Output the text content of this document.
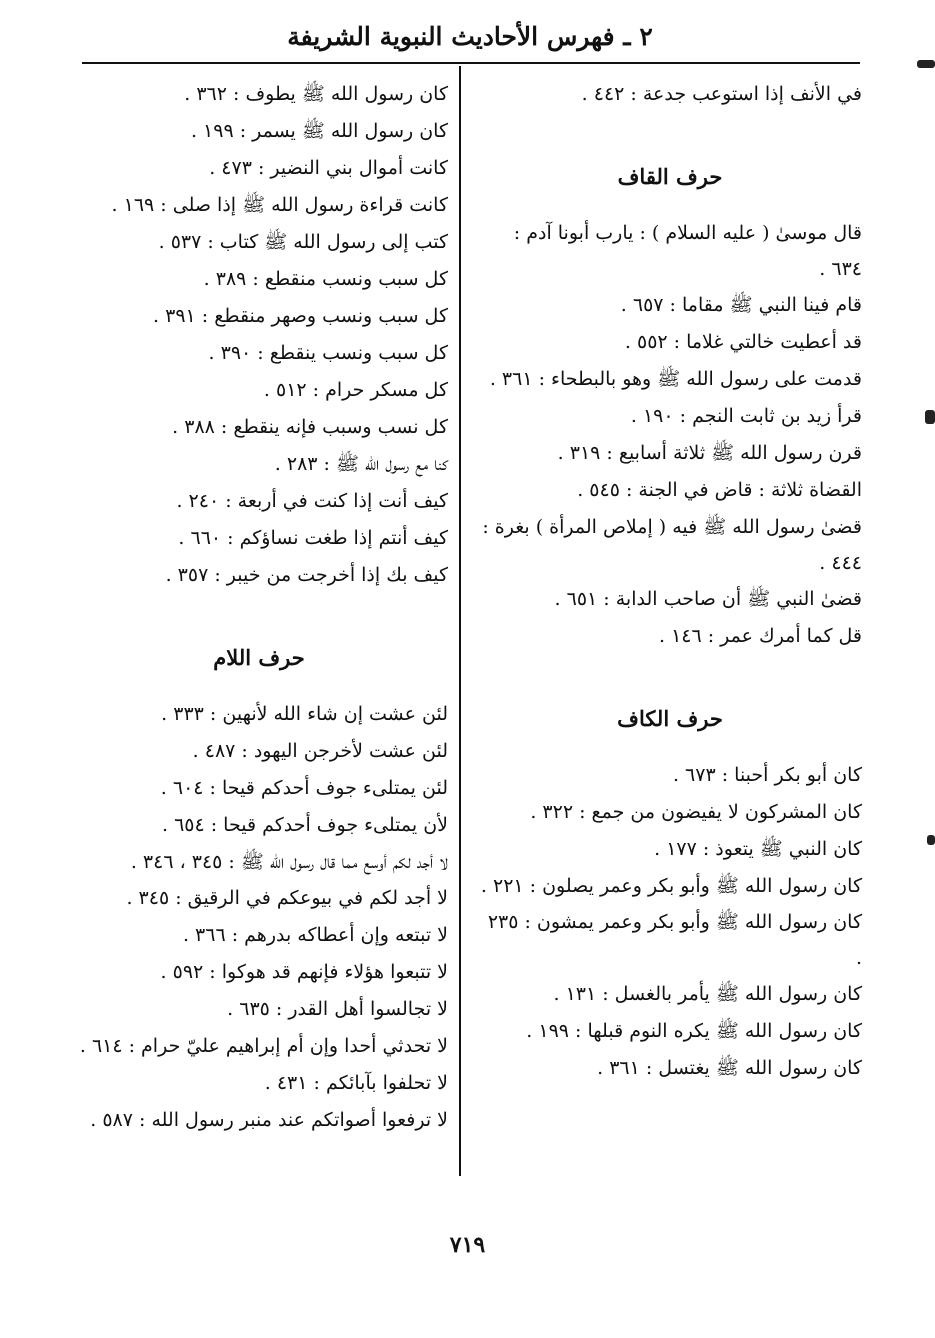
٢ ـ فهرس الأحاديث النبوية الشريفة
في الأنف إذا استوعب جدعة : ٤٤٢ .
حرف القاف
قال موسىٰ ( عليه السلام ) : يارب أبونا آدم : ٦٣٤ .
قام فينا النبي ﷺ مقاما : ٦٥٧ .
قد أعطيت خالتي غلاما : ٥٥٢ .
قدمت على رسول الله ﷺ وهو بالبطحاء : ٣٦١ .
قرأ زيد بن ثابت النجم : ١٩٠ .
قرن رسول الله ﷺ ثلاثة أسابيع : ٣١٩ .
القضاة ثلاثة : قاض في الجنة : ٥٤٥ .
قضىٰ رسول الله ﷺ فيه ( إملاص المرأة ) بغرة : ٤٤٤ .
قضىٰ النبي ﷺ أن صاحب الدابة : ٦٥١ .
قل كما أمرك عمر : ١٤٦ .
حرف الكاف
كان أبو بكر أحبنا : ٦٧٣ .
كان المشركون لا يفيضون من جمع : ٣٢٢ .
كان النبي ﷺ يتعوذ : ١٧٧ .
كان رسول الله ﷺ وأبو بكر وعمر يصلون : ٢٢١ .
كان رسول الله ﷺ وأبو بكر وعمر يمشون : ٢٣٥ .
كان رسول الله ﷺ يأمر بالغسل : ١٣١ .
كان رسول الله ﷺ يكره النوم قبلها : ١٩٩ .
كان رسول الله ﷺ يغتسل : ٣٦١ .
كان رسول الله ﷺ يطوف : ٣٦٢ .
كان رسول الله ﷺ يسمر : ١٩٩ .
كانت أموال بني النضير : ٤٧٣ .
كانت قراءة رسول الله ﷺ إذا صلى : ١٦٩ .
كتب إلى رسول الله ﷺ كتاب : ٥٣٧ .
كل سبب ونسب منقطع : ٣٨٩ .
كل سبب ونسب وصهر منقطع : ٣٩١ .
كل سبب ونسب ينقطع : ٣٩٠ .
كل مسكر حرام : ٥١٢ .
كل نسب وسبب فإنه ينقطع : ٣٨٨ .
كنا مع رسول الله ﷺ : ٢٨٣ .
كيف أنت إذا كنت في أربعة : ٢٤٠ .
كيف أنتم إذا طغت نساؤكم : ٦٦٠ .
كيف بك إذا أخرجت من خيبر : ٣٥٧ .
حرف اللام
لئن عشت إن شاء الله لأنهين : ٣٣٣ .
لئن عشت لأخرجن اليهود : ٤٨٧ .
لئن يمتلىء جوف أحدكم قيحا : ٦٠٤ .
لأن يمتلىء جوف أحدكم قيحا : ٦٥٤ .
لا أجد لكم أوسع مما قال رسول الله ﷺ : ٣٤٥ ، ٣٤٦ .
لا أجد لكم في بيوعكم في الرقيق : ٣٤٥ .
لا تبتعه وإن أعطاكه بدرهم : ٣٦٦ .
لا تتبعوا هؤلاء فإنهم قد هوكوا : ٥٩٢ .
لا تجالسوا أهل القدر : ٦٣٥ .
لا تحدثي أحدا وإن أم إبراهيم عليّ حرام : ٦١٤ .
لا تحلفوا بآبائكم : ٤٣١ .
لا ترفعوا أصواتكم عند منبر رسول الله : ٥٨٧ .
٧١٩
